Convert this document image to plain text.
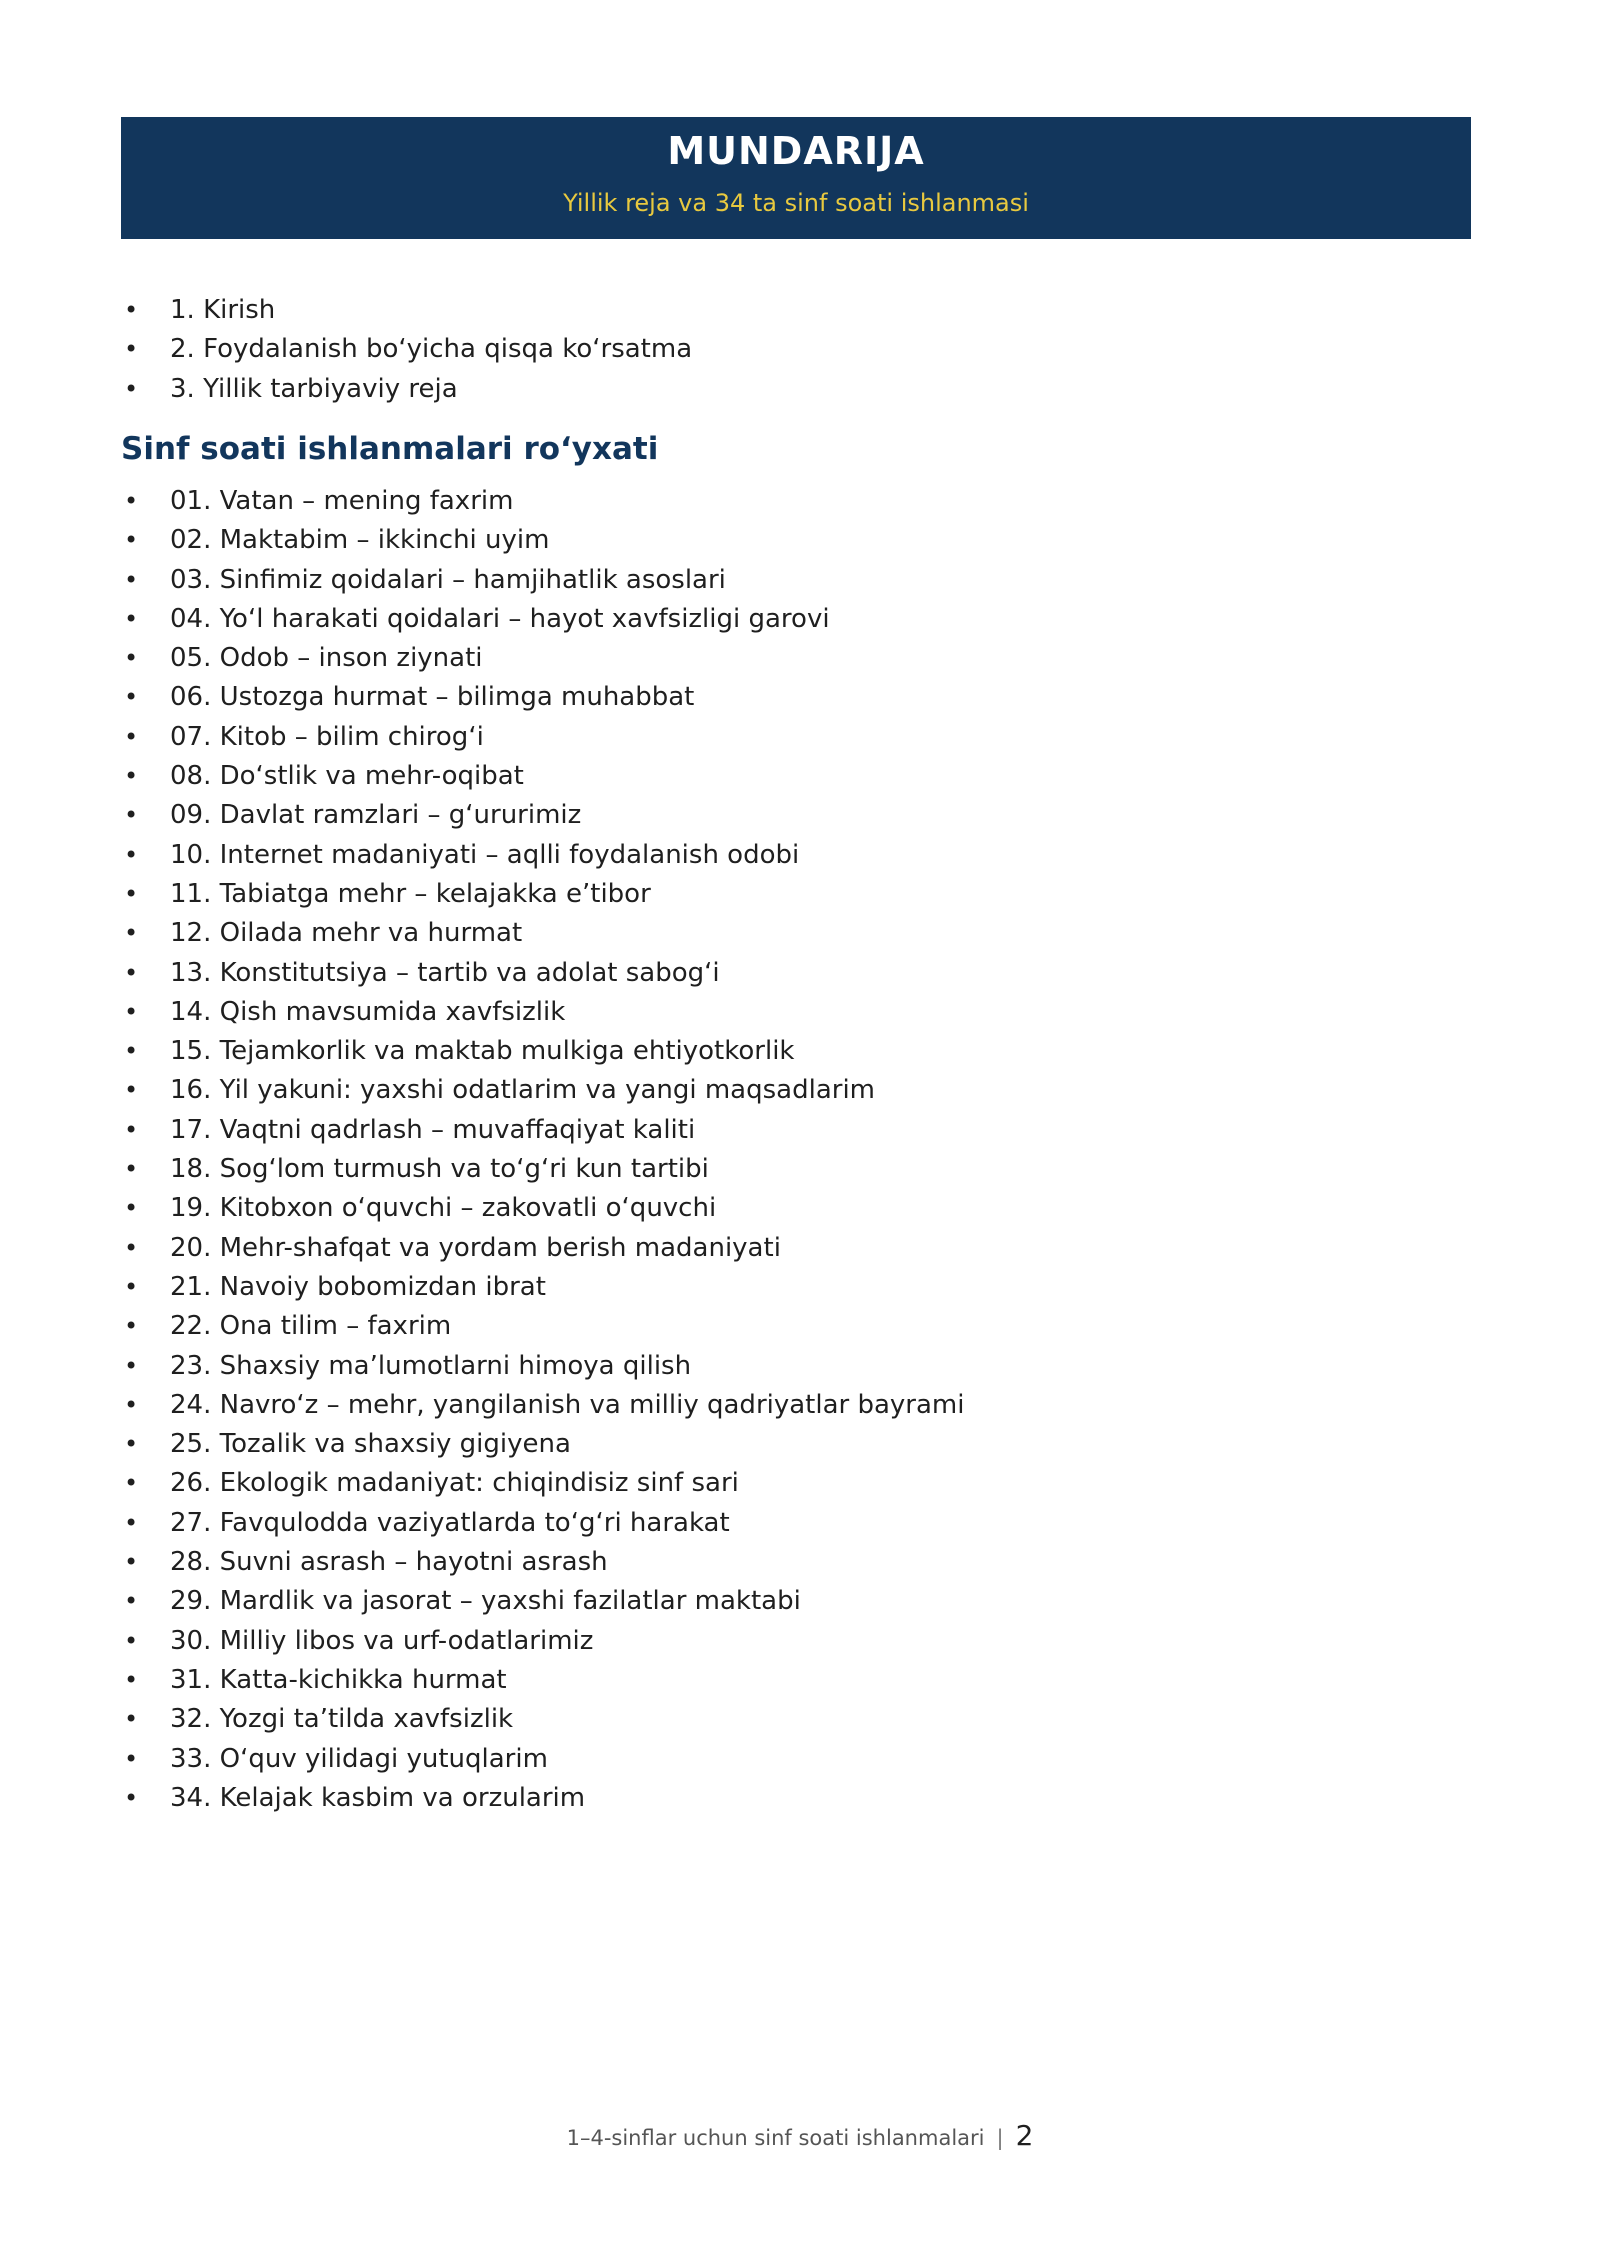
MUNDARIJA
Yillik reja va 34 ta sinf soati ishlanmasi
• 1. Kirish
• 2. Foydalanish bo‘yicha qisqa ko‘rsatma
• 3. Yillik tarbiyaviy reja
Sinf soati ishlanmalari ro‘yxati
• 01. Vatan – mening faxrim
• 02. Maktabim – ikkinchi uyim
• 03. Sinfimiz qoidalari – hamjihatlik asoslari
• 04. Yo‘l harakati qoidalari – hayot xavfsizligi garovi
• 05. Odob – inson ziynati
• 06. Ustozga hurmat – bilimga muhabbat
• 07. Kitob – bilim chirog‘i
• 08. Do‘stlik va mehr-oqibat
• 09. Davlat ramzlari – g‘ururimiz
• 10. Internet madaniyati – aqlli foydalanish odobi
• 11. Tabiatga mehr – kelajakka e’tibor
• 12. Oilada mehr va hurmat
• 13. Konstitutsiya – tartib va adolat sabog‘i
• 14. Qish mavsumida xavfsizlik
• 15. Tejamkorlik va maktab mulkiga ehtiyotkorlik
• 16. Yil yakuni: yaxshi odatlarim va yangi maqsadlarim
• 17. Vaqtni qadrlash – muvaffaqiyat kaliti
• 18. Sog‘lom turmush va to‘g‘ri kun tartibi
• 19. Kitobxon o‘quvchi – zakovatli o‘quvchi
• 20. Mehr-shafqat va yordam berish madaniyati
• 21. Navoiy bobomizdan ibrat
• 22. Ona tilim – faxrim
• 23. Shaxsiy ma’lumotlarni himoya qilish
• 24. Navro‘z – mehr, yangilanish va milliy qadriyatlar bayrami
• 25. Tozalik va shaxsiy gigiyena
• 26. Ekologik madaniyat: chiqindisiz sinf sari
• 27. Favqulodda vaziyatlarda to‘g‘ri harakat
• 28. Suvni asrash – hayotni asrash
• 29. Mardlik va jasorat – yaxshi fazilatlar maktabi
• 30. Milliy libos va urf-odatlarimiz
• 31. Katta-kichikka hurmat
• 32. Yozgi ta’tilda xavfsizlik
• 33. O‘quv yilidagi yutuqlarim
• 34. Kelajak kasbim va orzularim
1–4-sinflar uchun sinf soati ishlanmalari | 2
